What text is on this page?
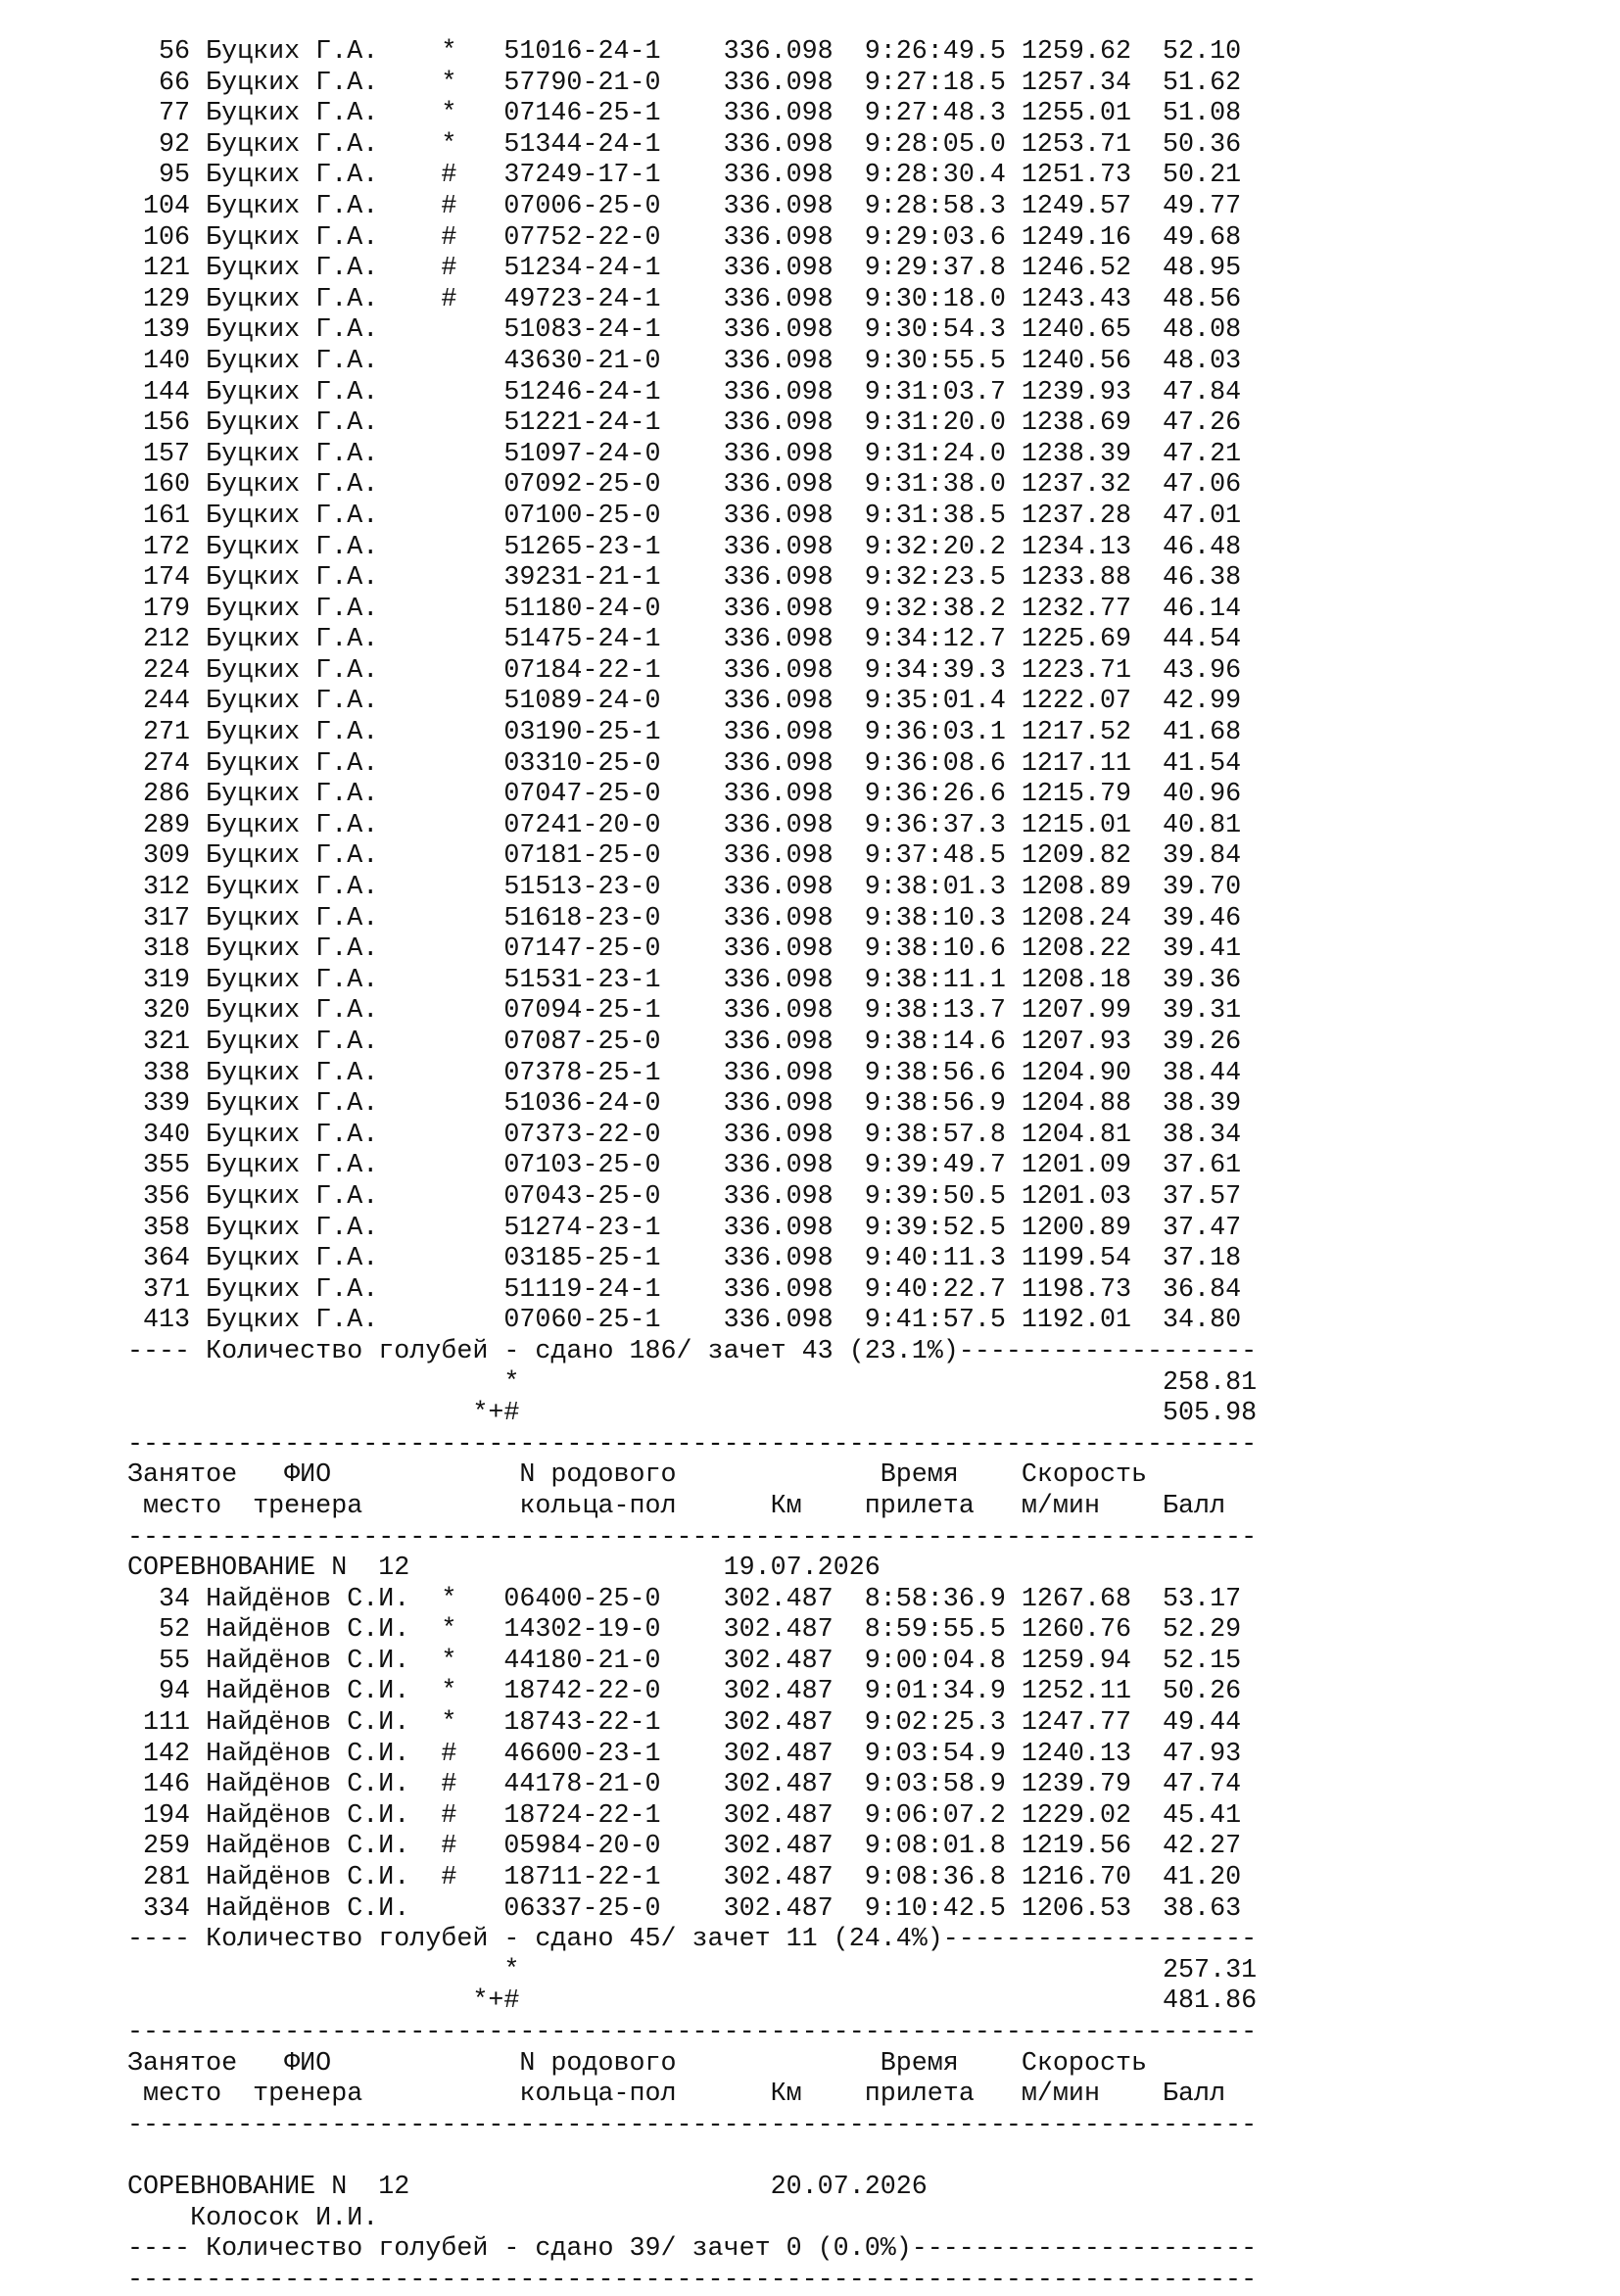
56 Буцких Г.А.    * 51016-24-1 336.098 9:26:49.5 1259.62 52.10
66 Буцких Г.А.    * 57790-21-0 336.098 9:27:18.5 1257.34 51.62
77 Буцких Г.А.    * 07146-25-1 336.098 9:27:48.3 1255.01 51.08
92 Буцких Г.А.    * 51344-24-1 336.098 9:28:05.0 1253.71 50.36
95 Буцких Г.А.    # 37249-17-1 336.098 9:28:30.4 1251.73 50.21
104 Буцких Г.А.    # 07006-25-0 336.098 9:28:58.3 1249.57 49.77
106 Буцких Г.А.    # 07752-22-0 336.098 9:29:03.6 1249.16 49.68
121 Буцких Г.А.    # 51234-24-1 336.098 9:29:37.8 1246.52 48.95
129 Буцких Г.А.    # 49723-24-1 336.098 9:30:18.0 1243.43 48.56
139 Буцких Г.А.	51083-24-1 336.098 9:30:54.3 1240.65 48.08
140 Буцких Г.А.	43630-21-0 336.098 9:30:55.5 1240.56 48.03
144 Буцких Г.А.	51246-24-1 336.098 9:31:03.7 1239.93 47.84
156 Буцких Г.А.	51221-24-1 336.098 9:31:20.0 1238.69 47.26
157 Буцких Г.А.	51097-24-0 336.098 9:31:24.0 1238.39 47.21
160 Буцких Г.А.	07092-25-0 336.098 9:31:38.0 1237.32 47.06
161 Буцких Г.А.	07100-25-0 336.098 9:31:38.5 1237.28 47.01
172 Буцких Г.А.	51265-23-1 336.098 9:32:20.2 1234.13 46.48
174 Буцких Г.А.	39231-21-1 336.098 9:32:23.5 1233.88 46.38
179 Буцких Г.А.	51180-24-0 336.098 9:32:38.2 1232.77 46.14
212 Буцких Г.А.	51475-24-1 336.098 9:34:12.7 1225.69 44.54
224 Буцких Г.А.	07184-22-1 336.098 9:34:39.3 1223.71 43.96
244 Буцких Г.А.	51089-24-0 336.098 9:35:01.4 1222.07 42.99
271 Буцких Г.А.	03190-25-1 336.098 9:36:03.1 1217.52 41.68
274 Буцких Г.А.	03310-25-0 336.098 9:36:08.6 1217.11 41.54
286 Буцких Г.А.	07047-25-0 336.098 9:36:26.6 1215.79 40.96
289 Буцких Г.А.	07241-20-0 336.098 9:36:37.3 1215.01 40.81
309 Буцких Г.А.	07181-25-0 336.098 9:37:48.5 1209.82 39.84
312 Буцких Г.А.	51513-23-0 336.098 9:38:01.3 1208.89 39.70
317 Буцких Г.А.	51618-23-0 336.098 9:38:10.3 1208.24 39.46
318 Буцких Г.А.	07147-25-0 336.098 9:38:10.6 1208.22 39.41
319 Буцких Г.А.	51531-23-1 336.098 9:38:11.1 1208.18 39.36
320 Буцких Г.А.	07094-25-1 336.098 9:38:13.7 1207.99 39.31
321 Буцких Г.А.	07087-25-0 336.098 9:38:14.6 1207.93 39.26
338 Буцких Г.А.	07378-25-1 336.098 9:38:56.6 1204.90 38.44
339 Буцких Г.А.	51036-24-0 336.098 9:38:56.9 1204.88 38.39
340 Буцких Г.А.	07373-22-0 336.098 9:38:57.8 1204.81 38.34
355 Буцких Г.А.	07103-25-0 336.098 9:39:49.7 1201.09 37.61
356 Буцких Г.А.	07043-25-0 336.098 9:39:50.5 1201.03 37.57
358 Буцких Г.А.	51274-23-1 336.098 9:39:52.5 1200.89 37.47
364 Буцких Г.А.	03185-25-1 336.098 9:40:11.3 1199.54 37.18
371 Буцких Г.А.	51119-24-1 336.098 9:40:22.7 1198.73 36.84
413 Буцких Г.А.	07060-25-1 336.098 9:41:57.5 1192.01 34.80
---- Количество голубей - сдано 186/ зачет 43 (23.1%)-------------------
*                                         258.81
*+#                                         505.98
------------------------------------------------------------------------
Занятое ФИО	N родового	Время Скорость
место тренера	кольца-пол	Км прилета м/мин Балл
------------------------------------------------------------------------
СОРЕВНОВАНИЕ N  12	19.07.2026
34 Найдёнов С.И. * 06400-25-0 302.487 8:58:36.9 1267.68 53.17
52 Найдёнов С.И. * 14302-19-0 302.487 8:59:55.5 1260.76 52.29
55 Найдёнов С.И. * 44180-21-0 302.487 9:00:04.8 1259.94 52.15
94 Найдёнов С.И. * 18742-22-0 302.487 9:01:34.9 1252.11 50.26
111 Найдёнов С.И. * 18743-22-1 302.487 9:02:25.3 1247.77 49.44
142 Найдёнов С.И. # 46600-23-1 302.487 9:03:54.9 1240.13 47.93
146 Найдёнов С.И. # 44178-21-0 302.487 9:03:58.9 1239.79 47.74
194 Найдёнов С.И. # 18724-22-1 302.487 9:06:07.2 1229.02 45.41
259 Найдёнов С.И. # 05984-20-0 302.487 9:08:01.8 1219.56 42.27
281 Найдёнов С.И. # 18711-22-1 302.487 9:08:36.8 1216.70 41.20
334 Найдёнов С.И.	06337-25-0 302.487 9:10:42.5 1206.53 38.63
---- Количество голубей - сдано 45/ зачет 11 (24.4%)--------------------
*                                         257.31
*+#                                         481.86
------------------------------------------------------------------------
Занятое ФИО	N родового	Время Скорость
место тренера	кольца-пол	Км прилета м/мин Балл
------------------------------------------------------------------------
СОРЕВНОВАНИЕ N  12	20.07.2026
Колосок И.И.
---- Количество голубей - сдано 39/ зачет 0 (0.0%)----------------------
------------------------------------------------------------------------
